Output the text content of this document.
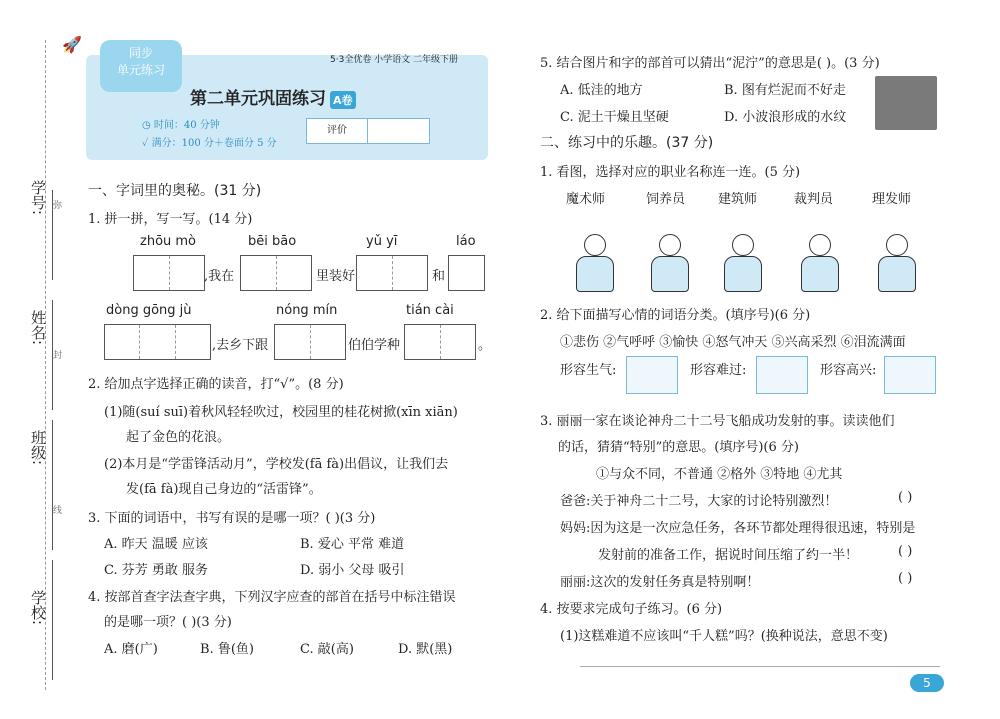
学号:
姓名:
班级:
学校:
弥
封
线
🚀
5·3全优卷 小学语文 二年级下册
同步
单元练习
第二单元巩固练习 A卷
◷ 时间：40 分钟
✓ 满分：100 分＋卷面分 5 分
评价
一、字词里的奥秘。(31 分)
1. 拼一拼，写一写。(14 分)
zhōu mò	bēi bāo	yǔ yī	láo
,我在	里装好	和
dòng gōng jù	nóng mín	tián cài
,去乡下跟	伯伯学种	。
2. 给加点字选择正确的读音，打“√”。(8 分)
(1)随(suí suī)着秋风轻轻吹过，校园里的桂花树掀(xīn xiān)
起了金色的花浪。
(2)本月是“学雷锋活动月”，学校发(fā fà)出倡议，让我们去
发(fā fà)现自己身边的“活雷锋”。
3. 下面的词语中，书写有误的是哪一项？( )(3 分)
A. 昨天 温暖 应该	B. 爱心 平常 难道
C. 芬芳 勇敢 服务	D. 弱小 父母 吸引
4. 按部首查字法查字典，下列汉字应查的部首在括号中标注错误
的是哪一项？( )(3 分)
A. 磨(广)	B. 鲁(鱼)	C. 敲(高)	D. 默(黑)
5. 结合图片和字的部首可以猜出“泥泞”的意思是( )。(3 分)
A. 低洼的地方	B. 图有烂泥而不好走
C. 泥土干燥且坚硬	D. 小波浪形成的水纹
二、练习中的乐趣。(37 分)
1. 看图，选择对应的职业名称连一连。(5 分)
魔术师	饲养员	建筑师	裁判员	理发师
2. 给下面描写心情的词语分类。(填序号)(6 分)
①悲伤 ②气呼呼 ③愉快 ④怒气冲天 ⑤兴高采烈 ⑥泪流满面
形容生气:	形容难过:	形容高兴:
3. 丽丽一家在谈论神舟二十二号飞船成功发射的事。读读他们
的话，猜猜“特别”的意思。(填序号)(6 分)
①与众不同，不普通 ②格外 ③特地 ④尤其
爸爸:关于神舟二十二号，大家的讨论特别激烈！	( )
妈妈:因为这是一次应急任务，各环节都处理得很迅速，特别是
发射前的准备工作，据说时间压缩了约一半！	( )
丽丽:这次的发射任务真是特别啊！	( )
4. 按要求完成句子练习。(6 分)
(1)这糕难道不应该叫“千人糕”吗？(换种说法，意思不变)
5
